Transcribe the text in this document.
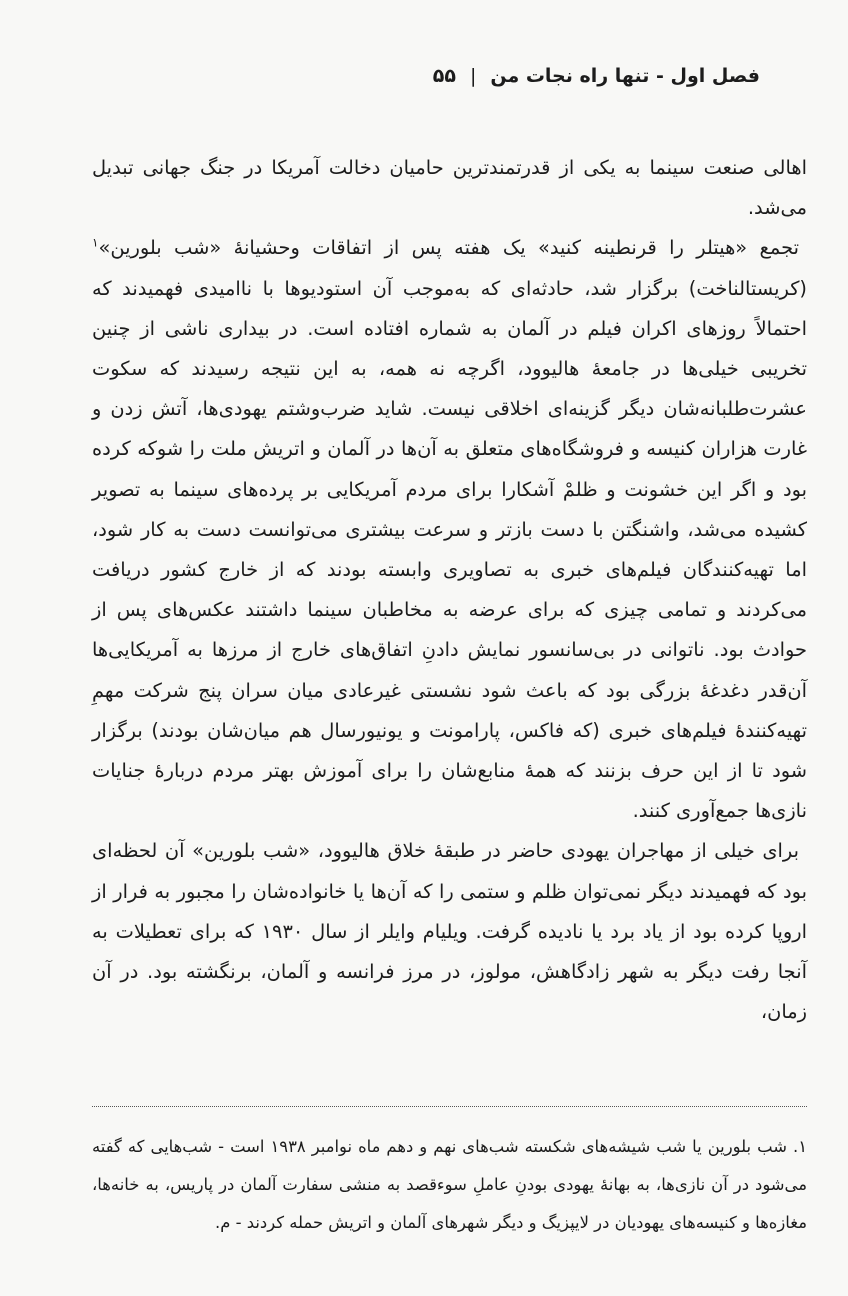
فصل اول - تنها راه نجات من
|
۵۵

اهالی صنعت سینما به یکی از قدرتمندترین حامیان دخالت آمریکا در جنگ جهانی تبدیل می‌شد.

تجمع «هیتلر را قرنطینه کنید» یک هفته پس از اتفاقات وحشیانهٔ «شب بلورین»$^۱$ (کریستالناخت) برگزار شد، حادثه‌ای که به‌موجب آن استودیوها با ناامیدی فهمیدند که احتمالاً روزهای اکران فیلم در آلمان به شماره افتاده است. در بیداری ناشی از چنین تخریبی خیلی‌ها در جامعهٔ هالیوود، اگرچه نه همه، به این نتیجه رسیدند که سکوت عشرت‌طلبانه‌شان دیگر گزینه‌ای اخلاقی نیست. شاید ضرب‌وشتم یهودی‌ها، آتش زدن و غارت هزاران کنیسه و فروشگاه‌های متعلق به آن‌ها در آلمان و اتریش ملت را شوکه کرده بود و اگر این خشونت و ظلمْ آشکارا برای مردم آمریکایی بر پرده‌های سینما به تصویر کشیده می‌شد، واشنگتن با دست بازتر و سرعت بیشتری می‌توانست دست به کار شود، اما تهیه‌کنندگان فیلم‌های خبری به تصاویری وابسته بودند که از خارج کشور دریافت می‌کردند و تمامی چیزی که برای عرضه به مخاطبان سینما داشتند عکس‌های پس از حوادث بود. ناتوانی در بی‌سانسور نمایش دادنِ اتفاق‌های خارج از مرزها به آمریکایی‌ها آن‌قدر دغدغهٔ بزرگی بود که باعث شود نشستی غیرعادی میان سران پنج شرکت مهمِ تهیه‌کنندهٔ فیلم‌های خبری (که فاکس، پارامونت و یونیورسال هم میان‌شان بودند) برگزار شود تا از این حرف بزنند که همهٔ منابع‌شان را برای آموزش بهتر مردم دربارهٔ جنایات نازی‌ها جمع‌آوری کنند.

برای خیلی از مهاجران یهودی حاضر در طبقهٔ خلاق هالیوود، «شب بلورین» آن لحظه‌ای بود که فهمیدند دیگر نمی‌توان ظلم و ستمی را که آن‌ها یا خانواده‌شان را مجبور به فرار از اروپا کرده بود از یاد برد یا نادیده گرفت. ویلیام وایلر از سال ۱۹۳۰ که برای تعطیلات به آنجا رفت دیگر به شهر زادگاهش، مولوز، در مرز فرانسه و آلمان، برنگشته بود. در آن زمان،

۱. شب بلورین یا شب شیشه‌های شکسته شب‌های نهم و دهم ماه نوامبر ۱۹۳۸ است - شب‌هایی که گفته می‌شود در آن نازی‌ها، به بهانهٔ یهودی بودنِ عاملِ سوءقصد به منشی سفارت آلمان در پاریس، به خانه‌ها، مغازه‌ها و کنیسه‌های یهودیان در لایپزیگ و دیگر شهرهای آلمان و اتریش حمله کردند - م.
